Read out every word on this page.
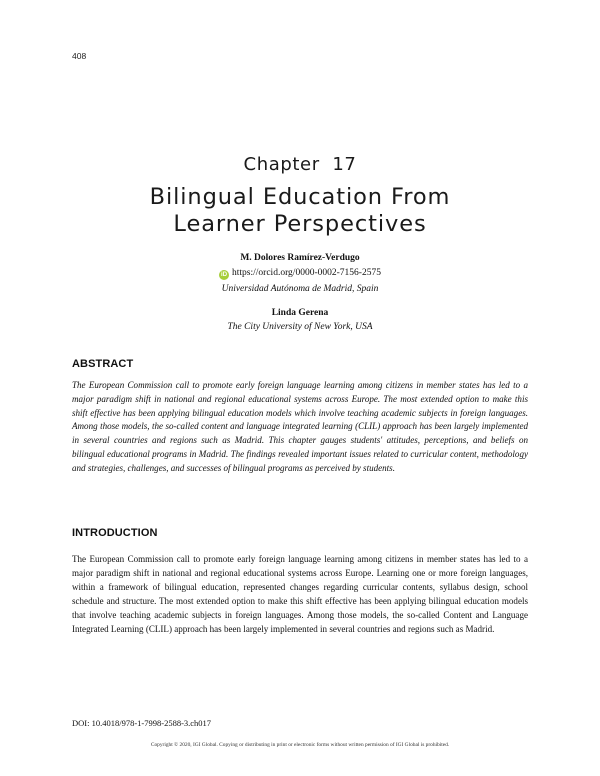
408
Chapter  17
Bilingual Education From
Learner Perspectives
M. Dolores Ramírez-Verdugo
iD https://orcid.org/0000-0002-7156-2575
Universidad Autónoma de Madrid, Spain
Linda Gerena
The City University of New York, USA
ABSTRACT
The European Commission call to promote early foreign language learning among citizens in member states has led to a major paradigm shift in national and regional educational systems across Europe. The most extended option to make this shift effective has been applying bilingual education models which involve teaching academic subjects in foreign languages. Among those models, the so-called content and language integrated learning (CLIL) approach has been largely implemented in several countries and regions such as Madrid. This chapter gauges students' attitudes, perceptions, and beliefs on bilingual educational programs in Madrid. The findings revealed important issues related to curricular content, methodology and strategies, challenges, and successes of bilingual programs as perceived by students.
INTRODUCTION
The European Commission call to promote early foreign language learning among citizens in member states has led to a major paradigm shift in national and regional educational systems across Europe. Learning one or more foreign languages, within a framework of bilingual education, represented changes regarding curricular contents, syllabus design, school schedule and structure. The most extended option to make this shift effective has been applying bilingual education models that involve teaching academic subjects in foreign languages. Among those models, the so-called Content and Language Integrated Learning (CLIL) approach has been largely implemented in several countries and regions such as Madrid.
DOI: 10.4018/978-1-7998-2588-3.ch017
Copyright © 2020, IGI Global. Copying or distributing in print or electronic forms without written permission of IGI Global is prohibited.
